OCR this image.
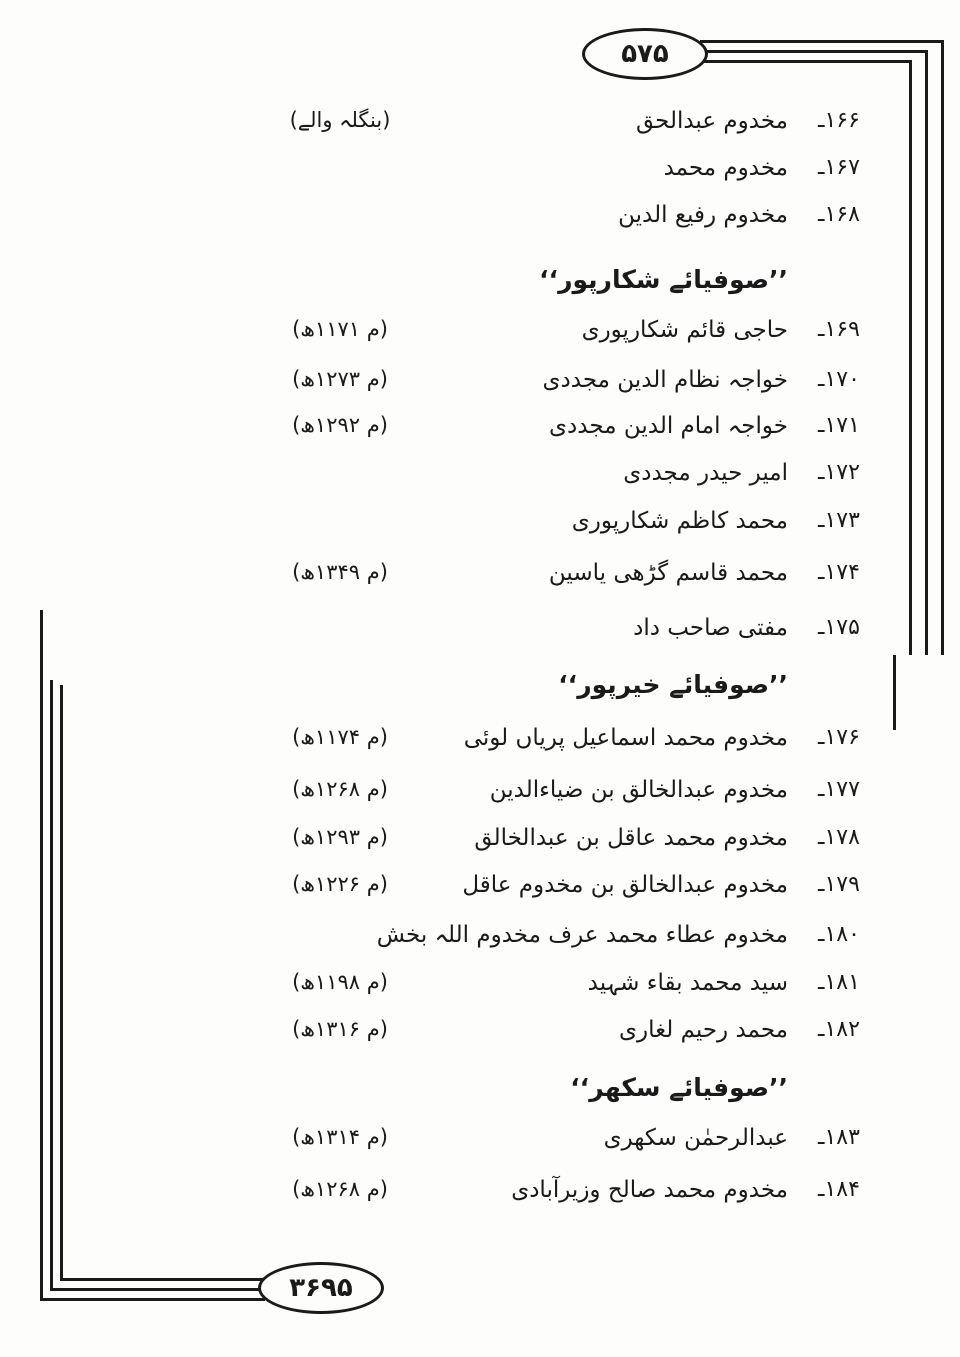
۵۷۵
۳۶۹۵
۱۶۶ـ
مخدوم عبدالحق
(بنگلہ والے)
۱۶۷ـ
مخدوم محمد
۱۶۸ـ
مخدوم رفیع الدین
’’صوفیائے شکارپور‘‘
۱۶۹ـ
حاجی قائم شکارپوری
(م ۱۱۷۱ھ)
۱۷۰ـ
خواجہ نظام الدین مجددی
(م ۱۲۷۳ھ)
۱۷۱ـ
خواجہ امام الدین مجددی
(م ۱۲۹۲ھ)
۱۷۲ـ
امیر حیدر مجددی
۱۷۳ـ
محمد کاظم شکارپوری
۱۷۴ـ
محمد قاسم گڑھی یاسین
(م ۱۳۴۹ھ)
۱۷۵ـ
مفتی صاحب داد
’’صوفیائے خیرپور‘‘
۱۷۶ـ
مخدوم محمد اسماعیل پریاں لوئی
(م ۱۱۷۴ھ)
۱۷۷ـ
مخدوم عبدالخالق بن ضیاءالدین
(م ۱۲۶۸ھ)
۱۷۸ـ
مخدوم محمد عاقل بن عبدالخالق
(م ۱۲۹۳ھ)
۱۷۹ـ
مخدوم عبدالخالق بن مخدوم عاقل
(م ۱۲۲۶ھ)
۱۸۰ـ
مخدوم عطاء محمد عرف مخدوم اللہ بخش
۱۸۱ـ
سید محمد بقاء شہید
(م ۱۱۹۸ھ)
۱۸۲ـ
محمد رحیم لغاری
(م ۱۳۱۶ھ)
’’صوفیائے سکھر‘‘
۱۸۳ـ
عبدالرحمٰن سکھری
(م ۱۳۱۴ھ)
۱۸۴ـ
مخدوم محمد صالح وزیرآبادی
(م ۱۲۶۸ھ)
